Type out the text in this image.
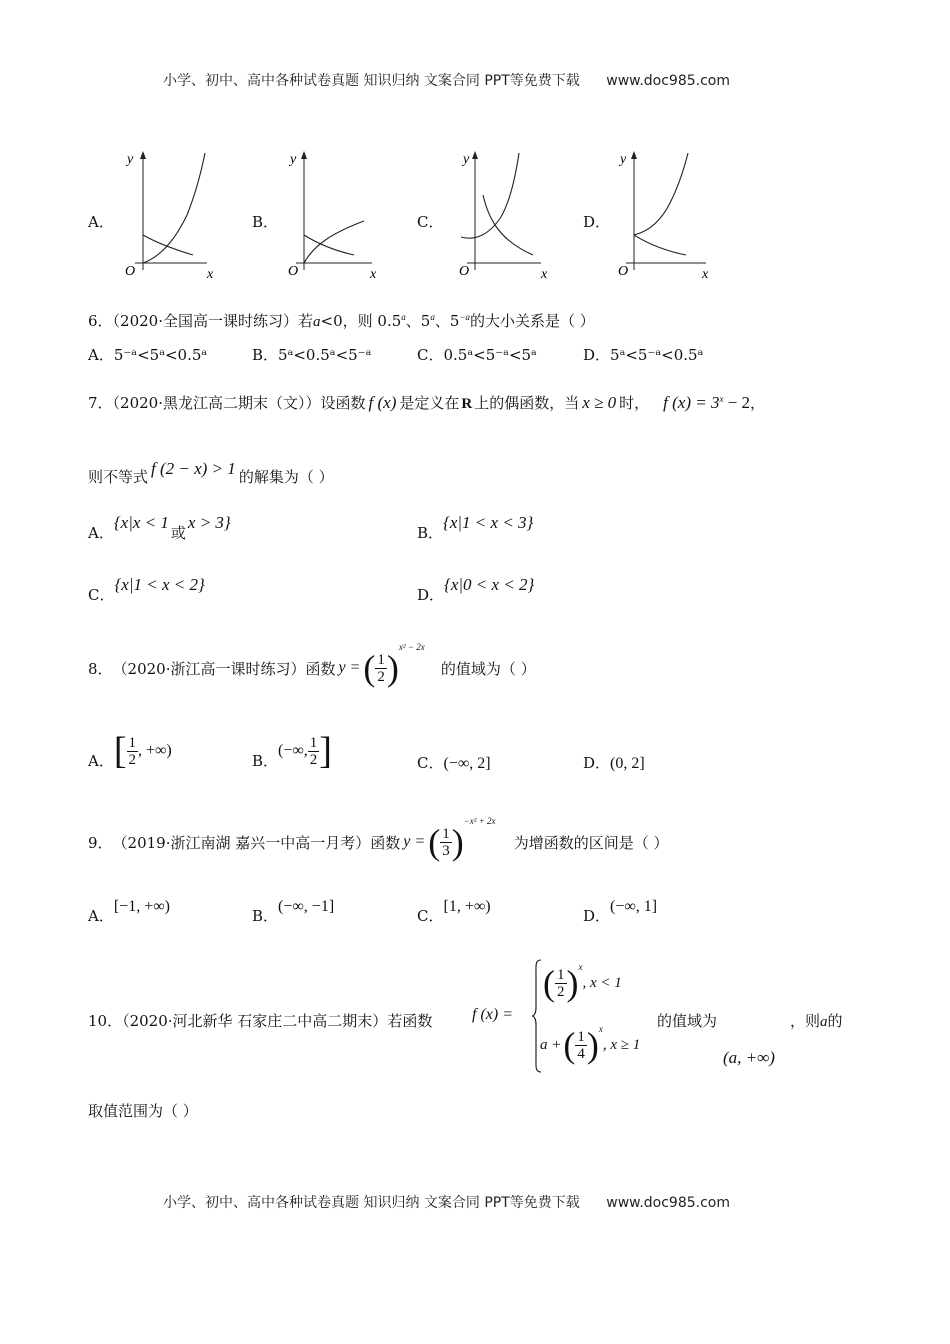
小学、初中、高中各种试卷真题 知识归纳 文案合同 PPT等免费下载 www.doc985.com
A．	B．	C．	D．
y
x
O
y
x
O
y
x
O
y
x
O
6．（2020·全国高一课时练习）若a<0，则 0.5$^a$、5$^a$、$5^{-a}$的大小关系是（ ）
A．5⁻ᵃ<5ᵃ<0.5ᵃ	B．5ᵃ<0.5ᵃ<5⁻ᵃ	C．0.5ᵃ<5⁻ᵃ<5ᵃ	D．5ᵃ<5⁻ᵃ<0.5ᵃ
7．（2020·黑龙江高二期末（文））设函数 f (x) 是定义在 R 上的偶函数，当 x ≥ 0 时， f $(x) = 3^x - 2$，
则不等式 f (2 − x) > 1 的解集为（ ）
A．{x|x < 1或x > 3}
B．{x|1 < x < 3}
C．{x|1 < x < 2}
D．{x|0 < x < 2}
8． （2020·浙江高一课时练习） 函数 y = ( $\frac{1}{2}$ )
x² − 2x
的值域为（ ）
A． [ $\frac{1}{2}$ , +∞)
B．
(−∞, $\frac{1}{2}$ ]	C．(−∞, 2]	D．(0, 2]
9． （2019·浙江南湖 嘉兴一中高一月考） 函数 y = ( $\frac{1}{3}$ )
−x² + 2x
为增函数的区间是（ ）
A．[−1, +∞)
B．(−∞, −1]
C．[1, +∞)
D．(−∞, 1]
10．（2020·河北新华 石家庄二中高二期末）若函数 f (x) =
( $\frac{1}{2}$ ) x
, x < 1
a + ( $\frac{1}{4}$ ) x
, x ≥ 1
的值域为
(a, +∞)
，则a的
取值范围为（ ）
小学、初中、高中各种试卷真题 知识归纳 文案合同 PPT等免费下载 www.doc985.com
